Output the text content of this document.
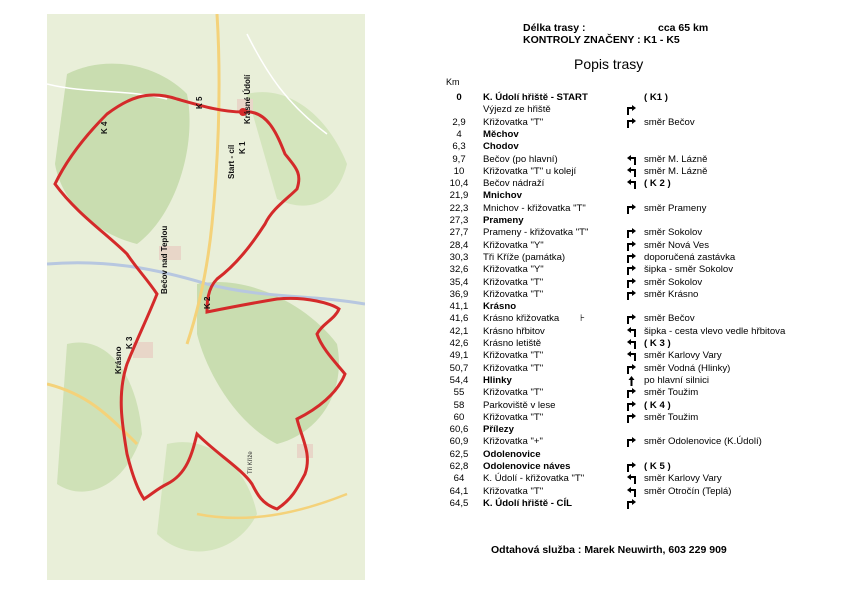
K 4
K 5
Start - cíl K 1
Krásné Údolí
Bečov nad Teplou
K 2
Krásno
K 3
Tři Kříže
Délka trasy :	cca 65 km
KONTROLY ZNAČENY : K1 - K5
Popis trasy
Km
0	K. Údolí hřiště - START	( K1 )
Výjezd ze hřiště
2,9	Křižovatka "T"	směr Bečov
4	Měchov
6,3	Chodov
9,7	Bečov (po hlavní)	směr M. Lázně
10	Křižovatka "T" u kolejí	směr M. Lázně
10,4	Bečov nádraží	( K 2 )
21,9	Mnichov
22,3	Mnichov - křižovatka "T"	směr Prameny
27,3	Prameny
27,7	Prameny - křižovatka "T"	směr Sokolov
28,4	Křižovatka "Y"	směr Nová Ves
30,3	Tři Kříže (památka)	doporučená zastávka
32,6	Křižovatka "Y"	šipka - směr Sokolov
35,4	Křižovatka "T"	směr Sokolov
36,9	Křižovatka "T"	směr Krásno
41,1	Krásno
41,6	Krásno křižovatka ⊦	směr Bečov
42,1	Krásno hřbitov	šipka - cesta vlevo vedle hřbitova
42,6	Krásno letiště	( K 3 )
49,1	Křižovatka "T"	směr Karlovy Vary
50,7	Křižovatka "T"	směr Vodná (Hlinky)
54,4	Hlinky	po hlavní silnici
55	Křižovatka "T"	směr Toužim
58	Parkoviště v lese	( K 4 )
60	Křižovatka "T"	směr Toužim
60,6	Přílezy
60,9	Křižovatka "+"	směr Odolenovice (K.Údolí)
62,5	Odolenovice
62,8	Odolenovice náves	( K 5 )
64	K. Údolí - křižovatka "T"	směr Karlovy Vary
64,1	Křižovatka "T"	směr Otročín (Teplá)
64,5	K. Údolí hřiště - CÍL
Odtahová služba : Marek Neuwirth, 603 229 909
